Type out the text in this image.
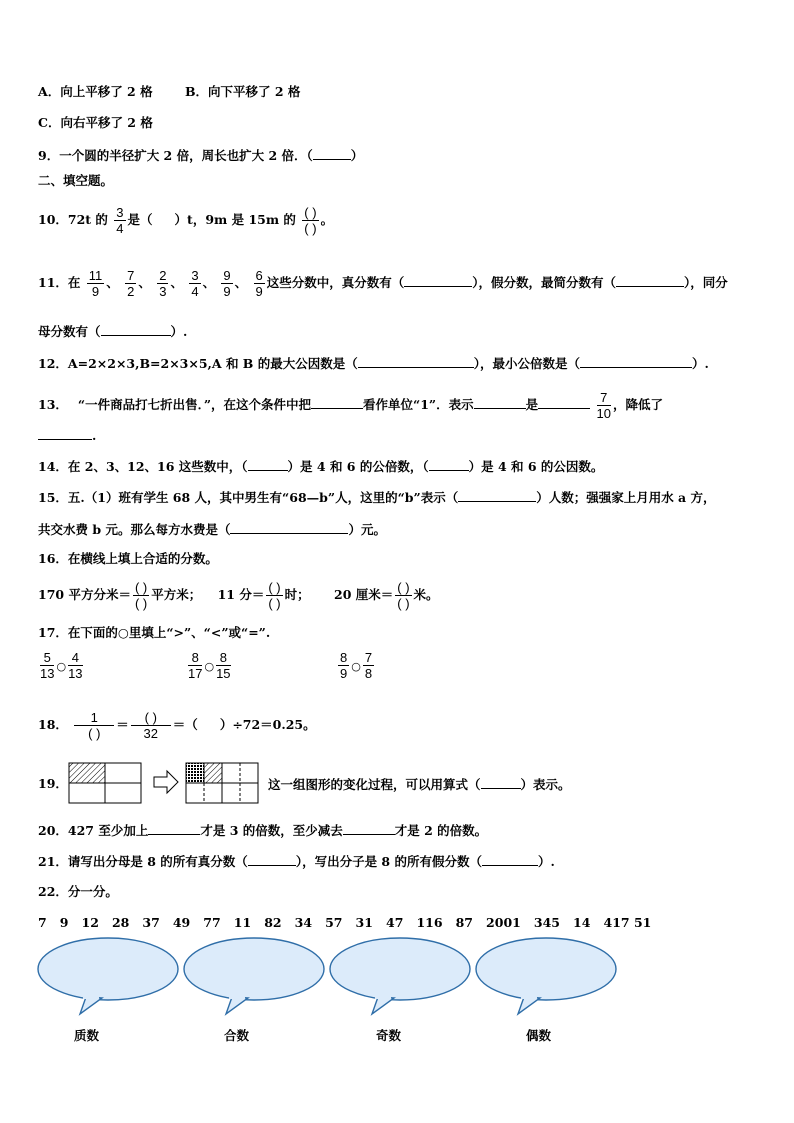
A．向上平移了 2 格	B．向下平移了 2 格
C．向右平移了 2 格
9．一个圆的半径扩大 2 倍，周长也扩大 2 倍．（	）
二、填空题。
10．72t 的 $\frac{3}{4}$ 是（ ）t，9m 是 15m 的 $\frac{( )}{( )}$ 。
11．在 $\frac{11}{9}$ 、 $\frac{7}{2}$ 、 $\frac{2}{3}$ 、 $\frac{3}{4}$ 、 $\frac{9}{9}$ 、 $\frac{6}{9}$ 这些分数中，真分数有（	），假分数，最简分数有（	），同分
母分数有（	）.
12．A=2×2×3,B=2×3×5,A 和 B 的最大公因数是（	），最小公倍数是（	）.
13． “一件商品打七折出售．”，在这个条件中把	看作单位“1”．表示	是	$\frac{7}{10}$ ，降低了
.
14．在 2、3、12、16 这些数中，（	）是 4 和 6 的公倍数，（	）是 4 和 6 的公因数。
15．五.（1）班有学生 68 人，其中男生有“68—b”人，这里的“b”表示（	）人数；强强家上月用水 a 方，
共交水费 b 元。那么每方水费是（	）元。
16．在横线上填上合适的分数。
170 平方分米＝ $\frac{( )}{( )}$ 平方米； 11 分＝ $\frac{( )}{( )}$ 时； 20 厘米＝ $\frac{( )}{( )}$ 米。
17．在下面的○里填上“>”、“<”或“=”.
$\frac{5}{13}$ ○ $\frac{4}{13}$	$\frac{8}{17}$ ○ $\frac{8}{15}$	$\frac{8}{9}$ ○ $\frac{7}{8}$
18． $\frac{1}{( )} = \frac{( )}{32}$ ＝（ ）÷72＝0.25。
19．	这一组图形的变化过程，可以用算式（	）表示。
20．427 至少加上	才是 3 的倍数，至少减去	才是 2 的倍数。
21．请写出分母是 8 的所有真分数（	），写出分子是 8 的所有假分数（	）.
22．分一分。
7   9   12   28   37   49   77   11   82   34   57   31   47   116   87   2001   345   14   417 51
质数	合数	奇数	偶数
